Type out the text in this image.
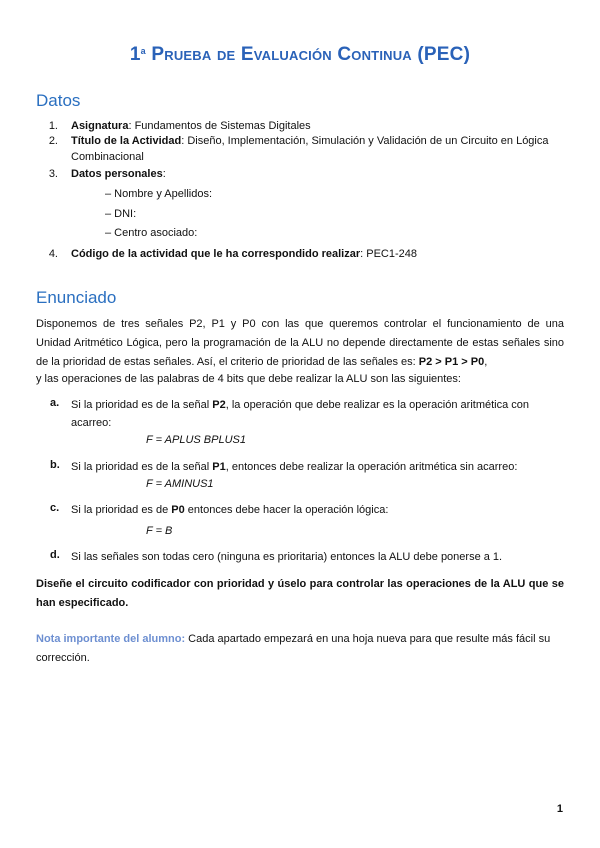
1$^a$ Prueba de Evaluación Continua (PEC)
Datos
1. Asignatura: Fundamentos de Sistemas Digitales
2. Título de la Actividad: Diseño, Implementación, Simulación y Validación de un Circuito en Lógica
Combinacional
3. Datos personales:
– Nombre y Apellidos:
– DNI:
– Centro asociado:
4. Código de la actividad que le ha correspondido realizar: PEC1-248
Enunciado
Disponemos de tres señales P2, P1 y P0 con las que queremos controlar el funcionamiento de una
Unidad Aritmético Lógica, pero la programación de la ALU no depende directamente de estas señales sino
de la prioridad de estas señales. Así, el criterio de prioridad de las señales es: P2 > P1 > P0,
y las operaciones de las palabras de 4 bits que debe realizar la ALU son las siguientes:
a. Si la prioridad es de la señal P2, la operación que debe realizar es la operación aritmética con
acarreo:
F = APLUS BPLUS1
b. Si la prioridad es de la señal P1, entonces debe realizar la operación aritmética sin acarreo:
F = AMINUS1
c. Si la prioridad es de P0 entonces debe hacer la operación lógica:
F = B
d. Si las señales son todas cero (ninguna es prioritaria) entonces la ALU debe ponerse a 1.
Diseñe el circuito codificador con prioridad y úselo para controlar las operaciones de la ALU que se
han especificado.
Nota importante del alumno: Cada apartado empezará en una hoja nueva para que resulte más fácil su
corrección.
1
